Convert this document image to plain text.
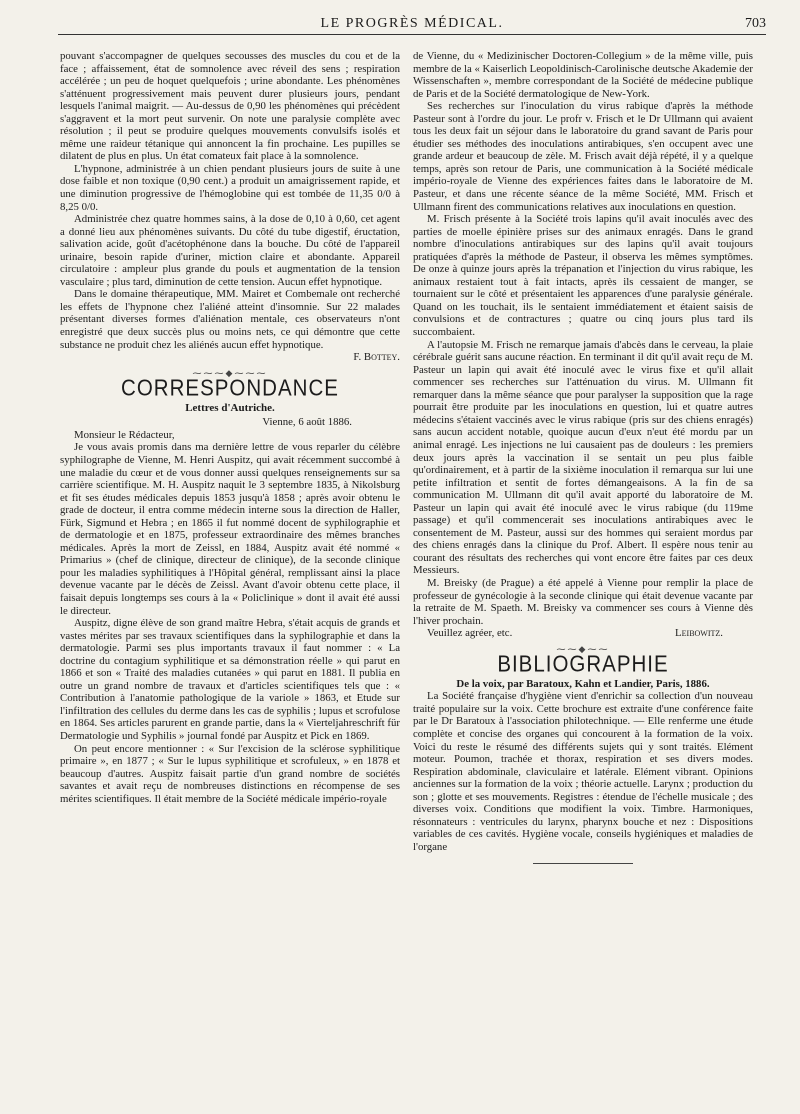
LE PROGRÈS MÉDICAL.	703

pouvant s'accompagner de quelques secousses des muscles du cou et de la face ; affaissement, état de somnolence avec réveil des sens ; respiration accélérée ; un peu de hoquet quelquefois ; urine abondante. Les phénomènes s'atténuent progressivement mais peuvent durer plusieurs jours, pendant lesquels l'animal maigrit. — Au-dessus de 0,90 les phénomènes qui précèdent s'aggravent et la mort peut survenir. On note une paralysie complète avec résolution ; il peut se produire quelques mouvements convulsifs isolés et même une raideur tétanique qui annoncent la fin prochaine. Les pupilles se dilatent de plus en plus. Un état comateux fait place à la somnolence.

L'hypnone, administrée à un chien pendant plusieurs jours de suite à une dose faible et non toxique (0,90 cent.) a produit un amaigrissement rapide, et une diminution progressive de l'hémoglobine qui est tombée de 11,35 0/0 à 8,25 0/0.

Administrée chez quatre hommes sains, à la dose de 0,10 à 0,60, cet agent a donné lieu aux phénomènes suivants. Du côté du tube digestif, éructation, salivation acide, goût d'acétophénone dans la bouche. Du côté de l'appareil urinaire, besoin rapide d'uriner, miction claire et abondante. Appareil circulatoire : ampleur plus grande du pouls et augmentation de la tension vasculaire ; plus tard, diminution de cette tension. Aucun effet hypnotique.

Dans le domaine thérapeutique, MM. Mairet et Combemale ont recherché les effets de l'hypnone chez l'aliéné atteint d'insomnie. Sur 22 malades présentant diverses formes d'aliénation mentale, ces observateurs n'ont enregistré que deux succès plus ou moins nets, ce qui démontre que cette substance ne produit chez les aliénés aucun effet hypnotique.

F. Bottey.
⁓⁓⁓◆⁓⁓⁓
CORRESPONDANCE
Lettres d'Autriche.
Vienne, 6 août 1886.

Monsieur le Rédacteur,

Je vous avais promis dans ma dernière lettre de vous reparler du célèbre syphilographe de Vienne, M. Henri Auspitz, qui avait récemment succombé à une maladie du cœur et de vous donner aussi quelques renseignements sur sa carrière scientifique. M. H. Auspitz naquit le 3 septembre 1835, à Nikolsburg et fit ses études médicales depuis 1853 jusqu'à 1858 ; après avoir obtenu le grade de docteur, il entra comme médecin interne sous la direction de Haller, Fürk, Sigmund et Hebra ; en 1865 il fut nommé docent de syphilographie et de dermatologie et en 1875, professeur extraordinaire des mêmes branches médicales. Après la mort de Zeissl, en 1884, Auspitz avait été nommé « Primarius » (chef de clinique, directeur de clinique), de la seconde clinique pour les maladies syphilitiques à l'Hôpital général, remplissant ainsi la place devenue vacante par le décès de Zeissl. Avant d'avoir obtenu cette place, il faisait depuis longtemps ses cours à la « Policlinique » dont il avait été aussi le directeur.

Auspitz, digne élève de son grand maître Hebra, s'était acquis de grands et vastes mérites par ses travaux scientifiques dans la syphilographie et dans la dermatologie. Parmi ses plus importants travaux il faut nommer : « La doctrine du contagium syphilitique et sa démonstration réelle » qui parut en 1866 et son « Traité des maladies cutanées » qui parut en 1881. Il publia en outre un grand nombre de travaux et d'articles scientifiques tels que : « Contribution à l'anatomie pathologique de la variole » 1863, et Etude sur l'infiltration des cellules du derme dans les cas de syphilis ; lupus et scrofulose en 1864. Ses articles parurent en grande partie, dans la « Vierteljahreschrift für Dermatologie und Syphilis » journal fondé par Auspitz et Pick en 1869.

On peut encore mentionner : « Sur l'excision de la sclérose syphilitique primaire », en 1877 ; « Sur le lupus syphilitique et scrofuleux, » en 1878 et beaucoup d'autres. Auspitz faisait partie d'un grand nombre de sociétés savantes et avait reçu de nombreuses distinctions en récompense de ses mérites scientifiques. Il était membre de la Société médicale império-royale

de Vienne, du « Medizinischer Doctoren-Collegium » de la même ville, puis membre de la « Kaiserlich Leopoldinisch-Carolinische deutsche Akademie der Wissenschaften », membre correspondant de la Société de médecine publique de Paris et de la Société dermatologique de New-York.

Ses recherches sur l'inoculation du virus rabique d'après la méthode Pasteur sont à l'ordre du jour. Le profr v. Frisch et le Dr Ullmann qui avaient tous les deux fait un séjour dans le laboratoire du grand savant de Paris pour étudier ses méthodes des inoculations antirabiques, s'en occupent avec une grande ardeur et beaucoup de zèle. M. Frisch avait déjà répété, il y a quelque temps, après son retour de Paris, une communication à la Société médicale império-royale de Vienne des expériences faites dans le laboratoire de M. Pasteur, et dans une récente séance de la même Société, MM. Frisch et Ullmann firent des communications relatives aux inoculations en question.

M. Frisch présente à la Société trois lapins qu'il avait inoculés avec des parties de moelle épinière prises sur des animaux enragés. Dans le grand nombre d'inoculations antirabiques sur des lapins qu'il avait toujours pratiquées d'après la méthode de Pasteur, il observa les mêmes symptômes. De onze à quinze jours après la trépanation et l'injection du virus rabique, les animaux restaient tout à fait intacts, après ils cessaient de manger, se tournaient sur le côté et présentaient les apparences d'une paralysie générale. Quand on les touchait, ils le sentaient immédiatement et étaient saisis de convulsions et de contractures ; quatre ou cinq jours plus tard ils succombaient.

A l'autopsie M. Frisch ne remarque jamais d'abcès dans le cerveau, la plaie cérébrale guérit sans aucune réaction. En terminant il dit qu'il avait reçu de M. Pasteur un lapin qui avait été inoculé avec le virus fixe et qu'il allait commencer ses recherches sur l'atténuation du virus. M. Ullmann fit remarquer dans la même séance que pour paralyser la supposition que la rage pourrait être produite par les inoculations en question, lui et quatre autres médecins s'étaient vaccinés avec le virus rabique (pris sur des chiens enragés) sans aucun accident notable, quoique aucun d'eux n'eut été mordu par un animal enragé. Les injections ne lui causaient pas de douleurs : les premiers deux jours après la vaccination il se sentait un peu plus faible qu'ordinairement, et à partir de la sixième inoculation il remarqua sur lui une petite infiltration et sentit de fortes démangeaisons. A la fin de sa communication M. Ullmann dit qu'il avait apporté du laboratoire de M. Pasteur un lapin qui avait été inoculé avec le virus rabique (du 119me passage) et qu'il commencerait ses inoculations antirabiques avec le consentement de M. Pasteur, aussi sur des hommes qui seraient mordus par des chiens enragés dans la clinique du Prof. Albert. Il espère nous tenir au courant des résultats des recherches qui vont encore être faites par ces deux Messieurs.

M. Breisky (de Prague) a été appelé à Vienne pour remplir la place de professeur de gynécologie à la seconde clinique qui était devenue vacante par la retraite de M. Spaeth. M. Breisky va commencer ses cours à Vienne dès l'hiver prochain.

Veuillez agréer, etc.	Leibowitz.
⁓⁓◆⁓⁓
BIBLIOGRAPHIE

De la voix, par Baratoux, Kahn et Landier, Paris, 1886.

La Société française d'hygiène vient d'enrichir sa collection d'un nouveau traité populaire sur la voix. Cette brochure est extraite d'une conférence faite par le Dr Baratoux à l'association philotechnique. — Elle renferme une étude complète et concise des organes qui concourent à la formation de la voix. Voici du reste le résumé des différents sujets qui y sont traités. Elément moteur. Poumon, trachée et thorax, respiration et ses divers modes. Respiration abdominale, claviculaire et latérale. Elément vibrant. Opinions anciennes sur la formation de la voix ; théorie actuelle. Larynx ; production du son ; glotte et ses mouvements. Registres : étendue de l'échelle musicale ; des diverses voix. Conditions que modifient la voix. Timbre. Harmoniques, résonnateurs : ventricules du larynx, pharynx bouche et nez : Dispositions variables de ces cavités. Hygiène vocale, conseils hygiéniques et maladies de l'organe
